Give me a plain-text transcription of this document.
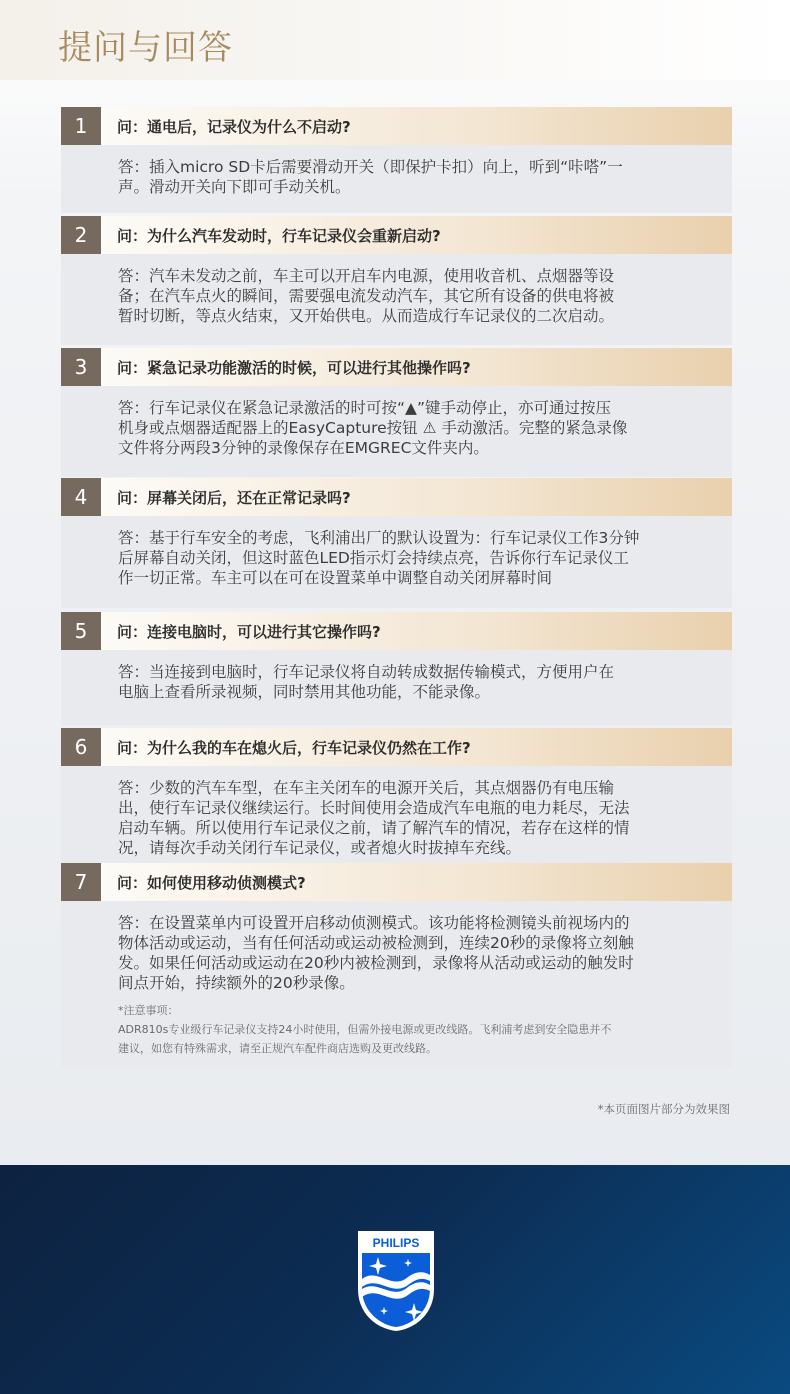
提问与回答
1	问：通电后，记录仪为什么不启动?
答：插入micro SD卡后需要滑动开关（即保护卡扣）向上，听到“咔嗒”一
声。滑动开关向下即可手动关机。
2	问：为什么汽车发动时，行车记录仪会重新启动?
答：汽车未发动之前，车主可以开启车内电源，使用收音机、点烟器等设
备；在汽车点火的瞬间，需要强电流发动汽车，其它所有设备的供电将被
暂时切断，等点火结束，又开始供电。从而造成行车记录仪的二次启动。
3	问：紧急记录功能激活的时候，可以进行其他操作吗?
答：行车记录仪在紧急记录激活的时可按“▲”键手动停止，亦可通过按压
机身或点烟器适配器上的EasyCapture按钮 ⚠ 手动激活。完整的紧急录像
文件将分两段3分钟的录像保存在EMGREC文件夹内。
4	问：屏幕关闭后，还在正常记录吗?
答：基于行车安全的考虑，飞利浦出厂的默认设置为：行车记录仪工作3分钟
后屏幕自动关闭，但这时蓝色LED指示灯会持续点亮，告诉你行车记录仪工
作一切正常。车主可以在可在设置菜单中调整自动关闭屏幕时间
5	问：连接电脑时，可以进行其它操作吗?
答：当连接到电脑时，行车记录仪将自动转成数据传输模式，方便用户在
电脑上查看所录视频，同时禁用其他功能，不能录像。
6	问：为什么我的车在熄火后，行车记录仪仍然在工作?
答：少数的汽车车型，在车主关闭车的电源开关后，其点烟器仍有电压输
出，使行车记录仪继续运行。长时间使用会造成汽车电瓶的电力耗尽，无法
启动车辆。所以使用行车记录仪之前，请了解汽车的情况，若存在这样的情
况，请每次手动关闭行车记录仪，或者熄火时拔掉车充线。
7	问：如何使用移动侦测模式?
答：在设置菜单内可设置开启移动侦测模式。该功能将检测镜头前视场内的
物体活动或运动，当有任何活动或运动被检测到，连续20秒的录像将立刻触
发。如果任何活动或运动在20秒内被检测到，录像将从活动或运动的触发时
间点开始，持续额外的20秒录像。
*注意事项：
ADR810s专业级行车记录仪支持24小时使用，但需外接电源或更改线路。飞利浦考虑到安全隐患并不
建议，如您有特殊需求，请至正规汽车配件商店选购及更改线路。
*本页面图片部分为效果图
PHILIPS
